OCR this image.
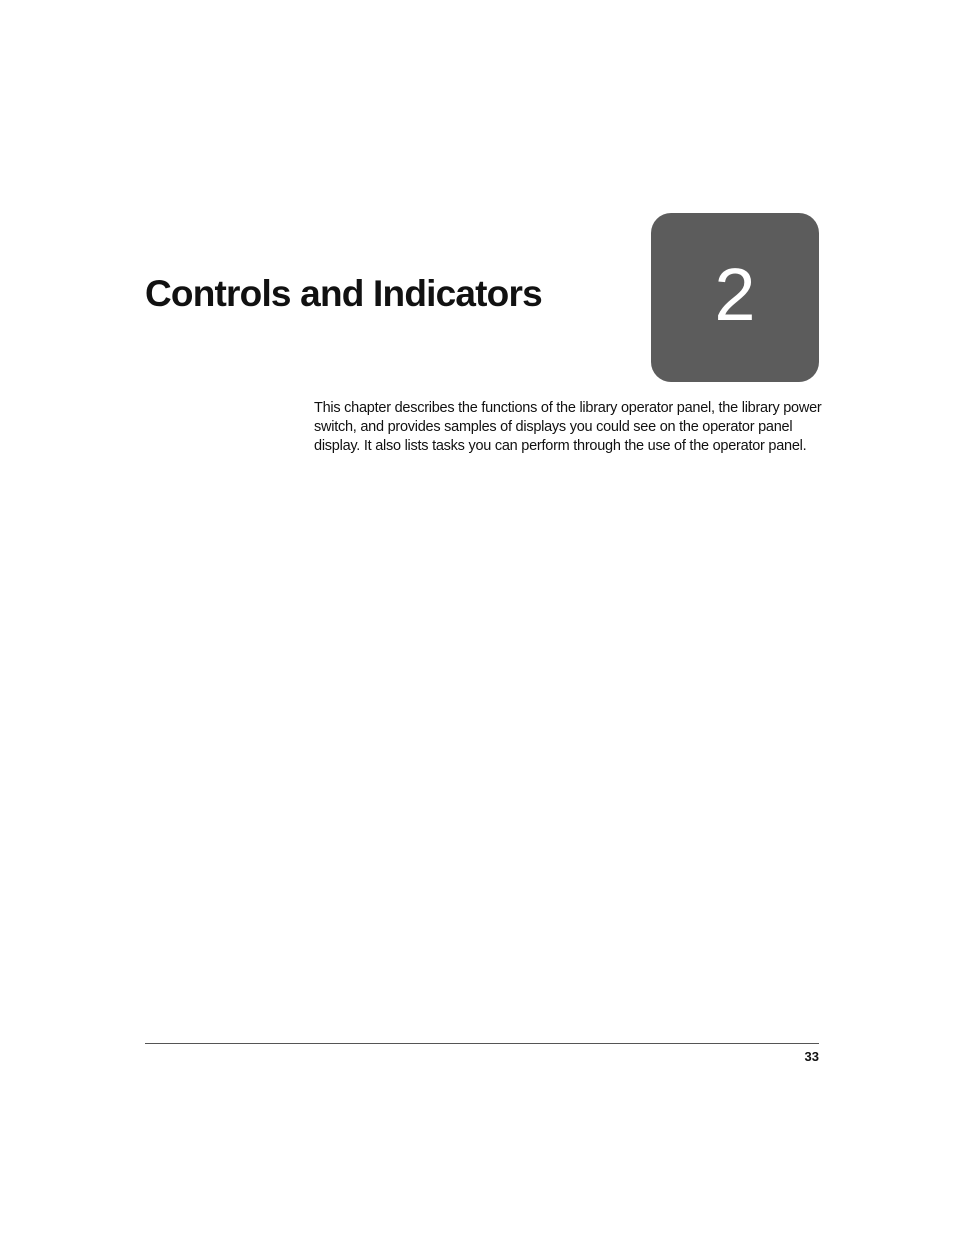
Controls and Indicators 2

This chapter describes the functions of the library operator panel, the library power switch, and provides samples of displays you could see on the operator panel display. It also lists tasks you can perform through the use of the operator panel.

33
